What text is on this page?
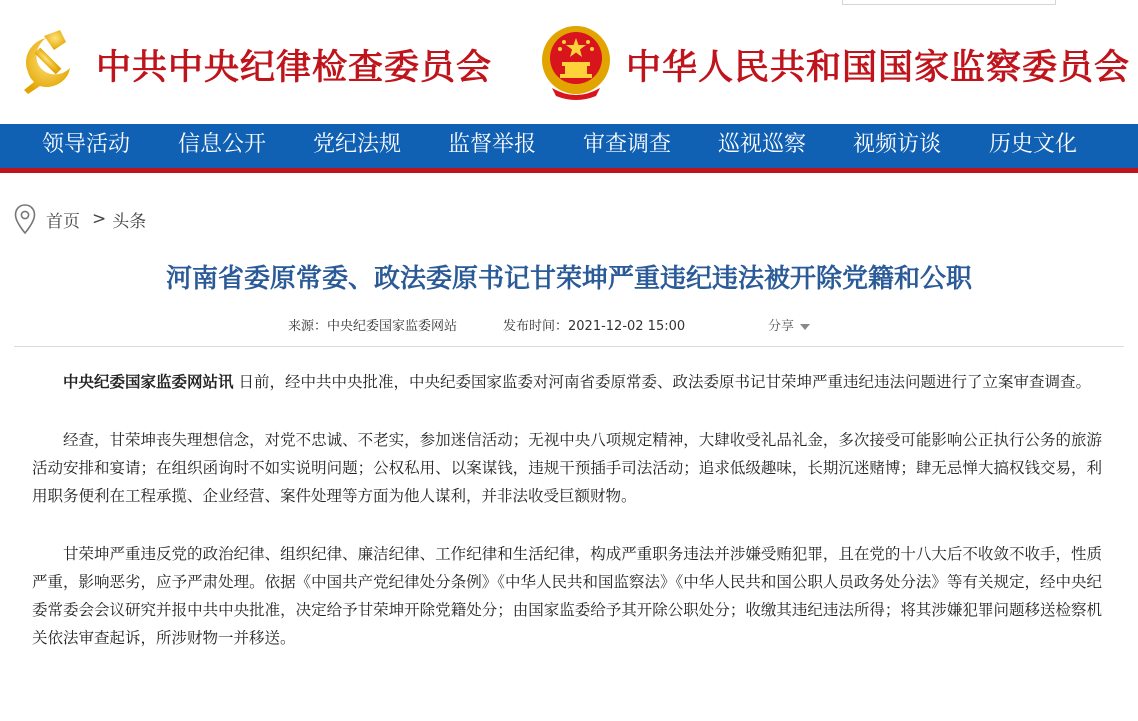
中共中央纪律检查委员会	中华人民共和国国家监察委员会
领导活动 信息公开 党纪法规 监督举报 审查调查 巡视巡察 视频访谈 历史文化
首页 > 头条
河南省委原常委、政法委原书记甘荣坤严重违纪违法被开除党籍和公职
来源：中央纪委国家监委网站	发布时间：2021-12-02 15:00	分享

中央纪委国家监委网站讯 日前，经中共中央批准，中央纪委国家监委对河南省委原常委、政法委原书记甘荣坤严重违纪违法问题进行了立案审查调查。

经查，甘荣坤丧失理想信念，对党不忠诚、不老实，参加迷信活动；无视中央八项规定精神，大肆收受礼品礼金，多次接受可能影响公正执行公务的旅游活动安排和宴请；在组织函询时不如实说明问题；公权私用、以案谋钱，违规干预插手司法活动；追求低级趣味，长期沉迷赌博；肆无忌惮大搞权钱交易，利用职务便利在工程承揽、企业经营、案件处理等方面为他人谋利，并非法收受巨额财物。

甘荣坤严重违反党的政治纪律、组织纪律、廉洁纪律、工作纪律和生活纪律，构成严重职务违法并涉嫌受贿犯罪，且在党的十八大后不收敛不收手，性质严重，影响恶劣，应予严肃处理。依据《中国共产党纪律处分条例》《中华人民共和国监察法》《中华人民共和国公职人员政务处分法》等有关规定，经中央纪委常委会会议研究并报中共中央批准，决定给予甘荣坤开除党籍处分；由国家监委给予其开除公职处分；收缴其违纪违法所得；将其涉嫌犯罪问题移送检察机关依法审查起诉，所涉财物一并移送。
